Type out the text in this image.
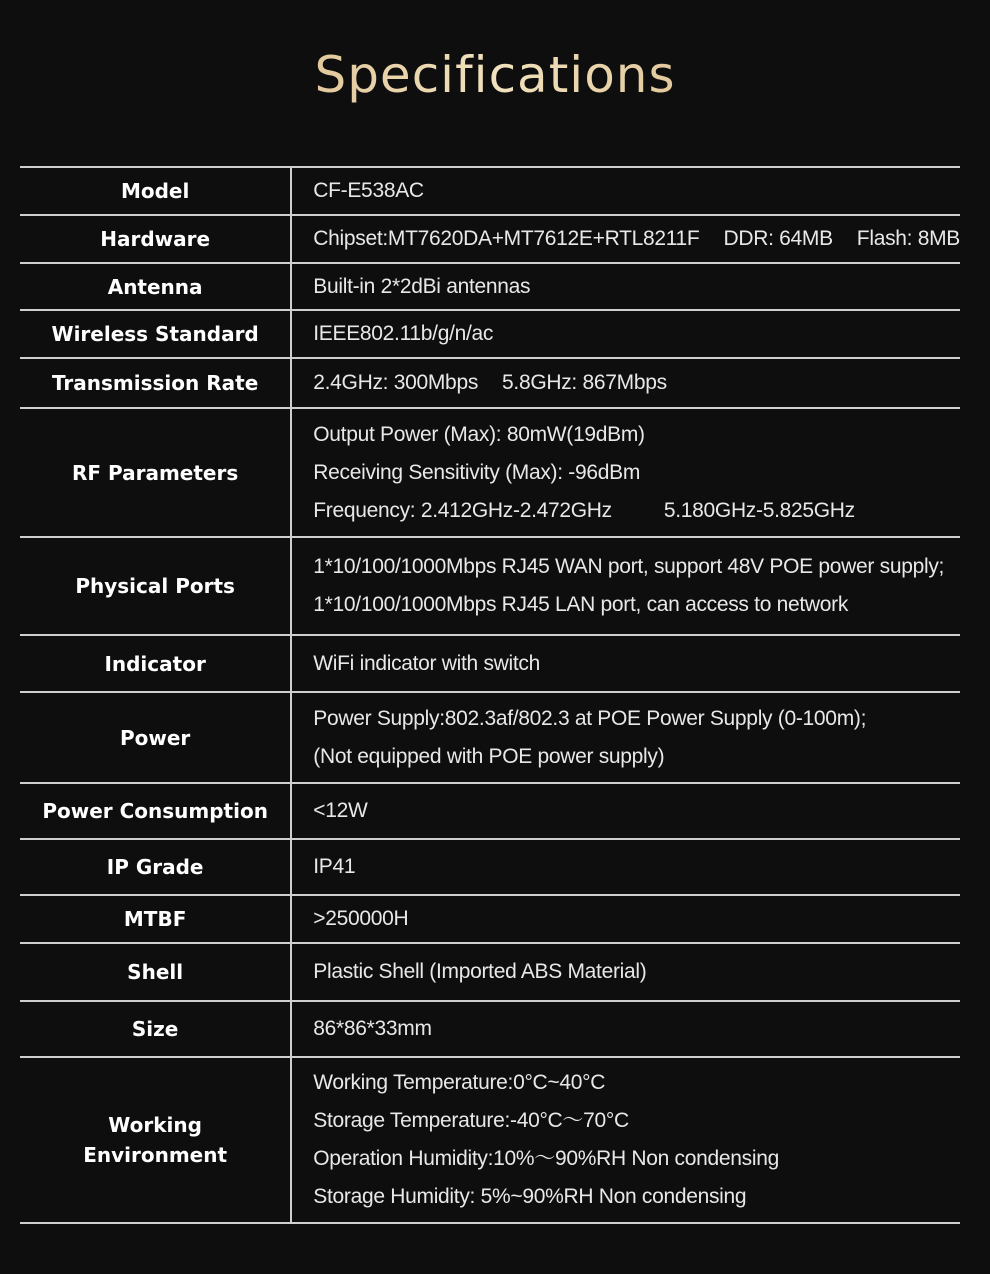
Specifications
Model	CF-E538AC

Hardware	Chipset:MT7620DA+MT7612E+RTL8211F DDR: 64MB Flash: 8MB

Antenna	Built-in 2*2dBi antennas

Wireless Standard	IEEE802.11b/g/n/ac

Transmission Rate	2.4GHz: 300Mbps 5.8GHz: 867Mbps

RF Parameters	Output Power (Max): 80mW(19dBm)
Receiving Sensitivity (Max): -96dBm
Frequency: 2.412GHz-2.472GHz 5.180GHz-5.825GHz

Physical Ports	1*10/100/1000Mbps RJ45 WAN port, support 48V POE power supply;
1*10/100/1000Mbps RJ45 LAN port, can access to network

Indicator	WiFi indicator with switch

Power	Power Supply:802.3af/802.3 at POE Power Supply (0-100m);
(Not equipped with POE power supply)

Power Consumption	<12W

IP Grade	IP41

MTBF	>250000H

Shell	Plastic Shell (Imported ABS Material)

Size	86*86*33mm

Working Environment	Working Temperature:0°C~40°C
Storage Temperature:-40°C～70°C
Operation Humidity:10%～90%RH Non condensing
Storage Humidity: 5%~90%RH Non condensing
